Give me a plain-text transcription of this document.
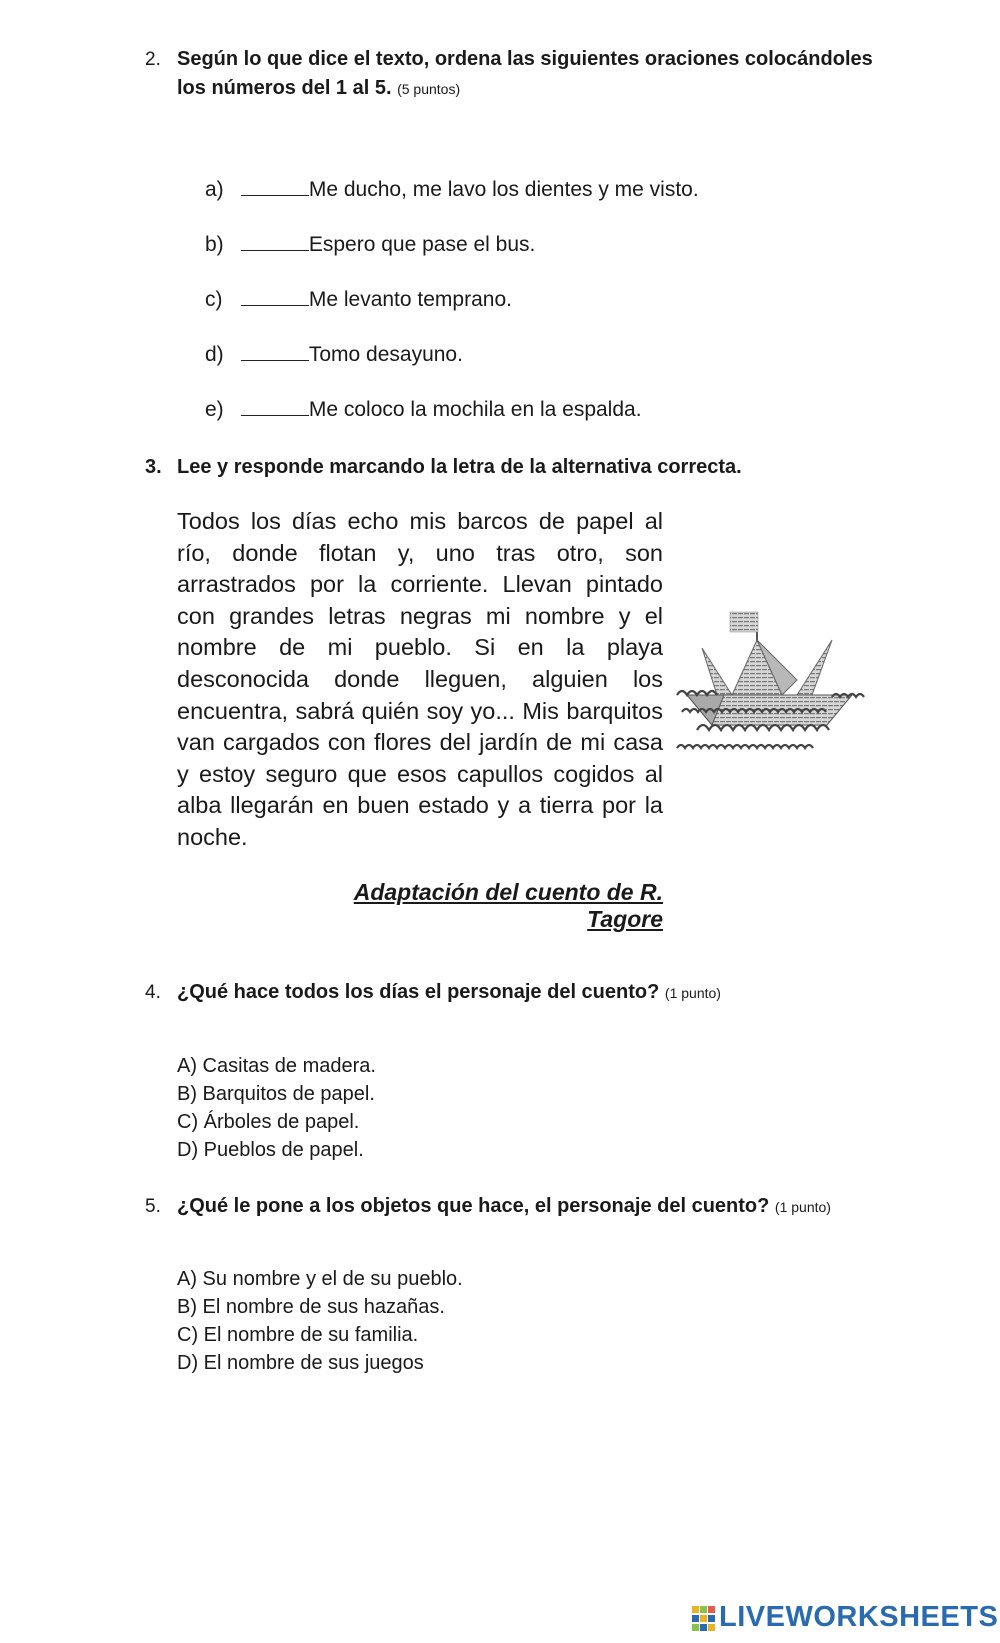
2. Según lo que dice el texto, ordena las siguientes oraciones colocándoles
los números del 1 al 5. (5 puntos)
a)	Me ducho, me lavo los dientes y me visto.
b)	Espero que pase el bus.
c)	Me levanto temprano.
d)	Tomo desayuno.
e)	Me coloco la mochila en la espalda.
3. Lee y responde marcando la letra de la alternativa correcta.
Todos los días echo mis barcos de papel al río, donde flotan y, uno tras otro, son arrastrados por la corriente. Llevan pintado con grandes letras negras mi nombre y el nombre de mi pueblo. Si en la playa desconocida donde lleguen, alguien los encuentra, sabrá quién soy yo... Mis barquitos van cargados con flores del jardín de mi casa y estoy seguro que esos capullos cogidos al alba llegarán en buen estado y a tierra por la noche.
Adaptación del cuento de R. Tagore
4. ¿Qué hace todos los días el personaje del cuento? (1 punto)
A) Casitas de madera.
B) Barquitos de papel.
C) Árboles de papel.
D) Pueblos de papel.
5. ¿Qué le pone a los objetos que hace, el personaje del cuento? (1 punto)
A) Su nombre y el de su pueblo.
B) El nombre de sus hazañas.
C) El nombre de su familia.
D) El nombre de sus juegos
LIVEWORKSHEETS
